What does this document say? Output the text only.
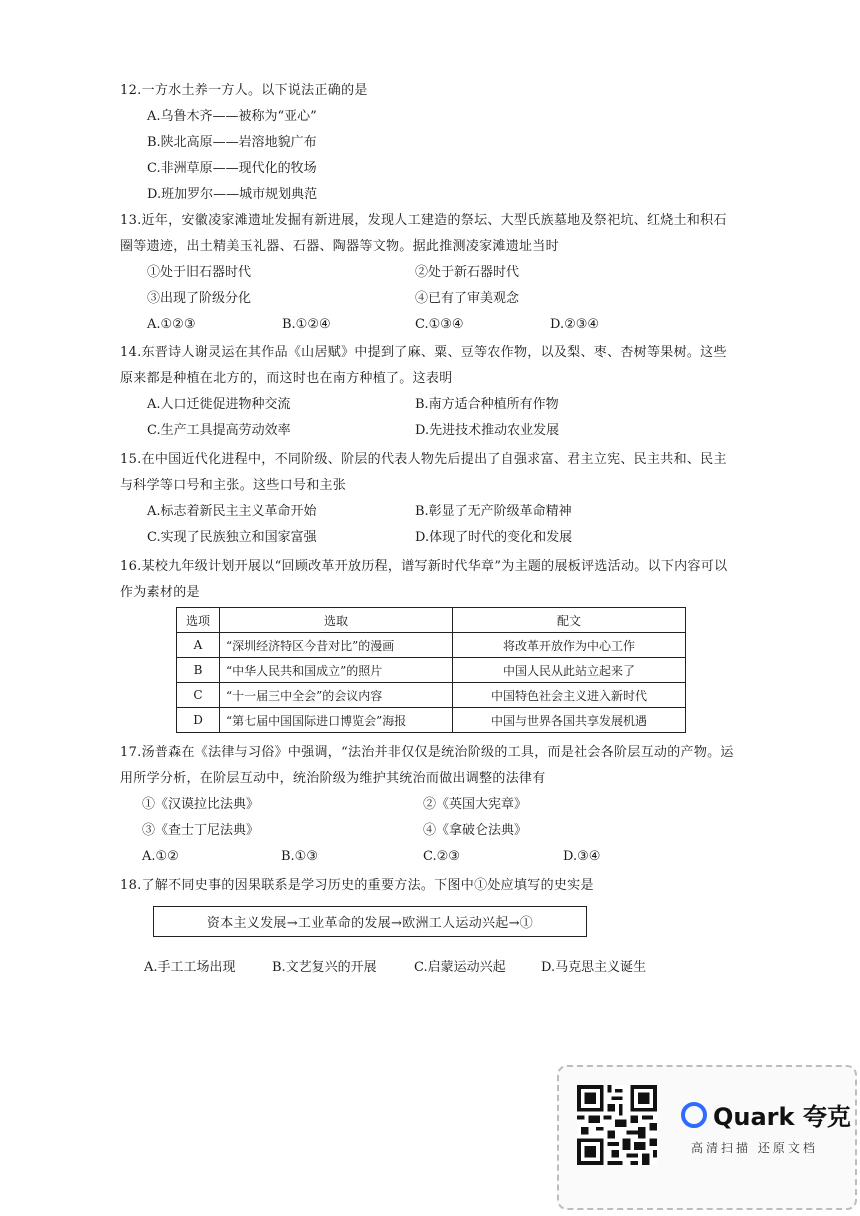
12.一方水土养一方人。以下说法正确的是

A.乌鲁木齐——被称为“亚心”
B.陕北高原——岩溶地貌广布
C.非洲草原——现代化的牧场
D.班加罗尔——城市规划典范

13.近年，安徽凌家滩遗址发掘有新进展，发现人工建造的祭坛、大型氏族墓地及祭祀坑、红烧土和积石圈等遗迹，出土精美玉礼器、石器、陶器等文物。据此推测凌家滩遗址当时

①处于旧石器时代	②处于新石器时代
③出现了阶级分化	④已有了审美观念
A.①②③	B.①②④	C.①③④	D.②③④

14.东晋诗人谢灵运在其作品《山居赋》中提到了麻、粟、豆等农作物，以及梨、枣、杏树等果树。这些原来都是种植在北方的，而这时也在南方种植了。这表明

A.人口迁徙促进物种交流	B.南方适合种植所有作物
C.生产工具提高劳动效率	D.先进技术推动农业发展

15.在中国近代化进程中，不同阶级、阶层的代表人物先后提出了自强求富、君主立宪、民主共和、民主与科学等口号和主张。这些口号和主张

A.标志着新民主主义革命开始	B.彰显了无产阶级革命精神
C.实现了民族独立和国家富强	D.体现了时代的变化和发展

16.某校九年级计划开展以“回顾改革开放历程，谱写新时代华章”为主题的展板评选活动。以下内容可以作为素材的是

选项	选取	配文
A	“深圳经济特区今昔对比”的漫画	将改革开放作为中心工作
B	“中华人民共和国成立”的照片	中国人民从此站立起来了
C	“十一届三中全会”的会议内容	中国特色社会主义进入新时代
D	“第七届中国国际进口博览会”海报	中国与世界各国共享发展机遇

17.汤普森在《法律与习俗》中强调，“法治并非仅仅是统治阶级的工具，而是社会各阶层互动的产物。运用所学分析，在阶层互动中，统治阶级为维护其统治而做出调整的法律有

①《汉谟拉比法典》	②《英国大宪章》
③《查士丁尼法典》	④《拿破仑法典》
A.①②	B.①③	C.②③	D.③④

18.了解不同史事的因果联系是学习历史的重要方法。下图中①处应填写的史实是

资本主义发展→工业革命的发展→欧洲工人运动兴起→①
A.手工工场出现	B.文艺复兴的开展	C.启蒙运动兴起	D.马克思主义诞生
Quark 夸克
高清扫描 还原文档
